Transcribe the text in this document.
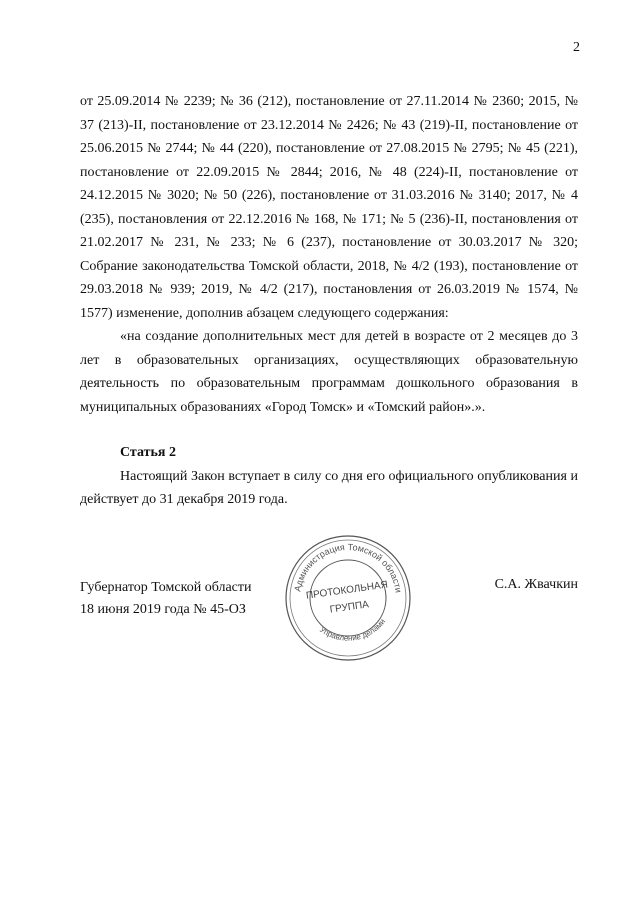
2

от 25.09.2014 № 2239; № 36 (212), постановление от 27.11.2014 № 2360; 2015, № 37 (213)-II, постановление от 23.12.2014 № 2426; № 43 (219)-II, постановление от 25.06.2015 № 2744; № 44 (220), постановление от 27.08.2015 № 2795; № 45 (221), постановление от 22.09.2015 № 2844; 2016, № 48 (224)-II, постановление от 24.12.2015 № 3020; № 50 (226), постановление от 31.03.2016 № 3140; 2017, № 4 (235), постановления от 22.12.2016 № 168, № 171; № 5 (236)-II, постановления от 21.02.2017 № 231, № 233; № 6 (237), постановление от 30.03.2017 № 320; Собрание законодательства Томской области, 2018, № 4/2 (193), постановление от 29.03.2018 № 939; 2019, № 4/2 (217), постановления от 26.03.2019 № 1574, № 1577) изменение, дополнив абзацем следующего содержания:

«на создание дополнительных мест для детей в возрасте от 2 месяцев до 3 лет в образовательных организациях, осуществляющих образовательную деятельность по образовательным программам дошкольного образования в муниципальных образованиях «Город Томск» и «Томский район».».

Статья 2

Настоящий Закон вступает в силу со дня его официального опубликования и действует до 31 декабря 2019 года.

Губернатор Томской области
18 июня 2019 года № 45-ОЗ
С.А. Жвачкин
Администрация Томской области
Управление делами
ПРОТОКОЛЬНАЯ
ГРУППА
